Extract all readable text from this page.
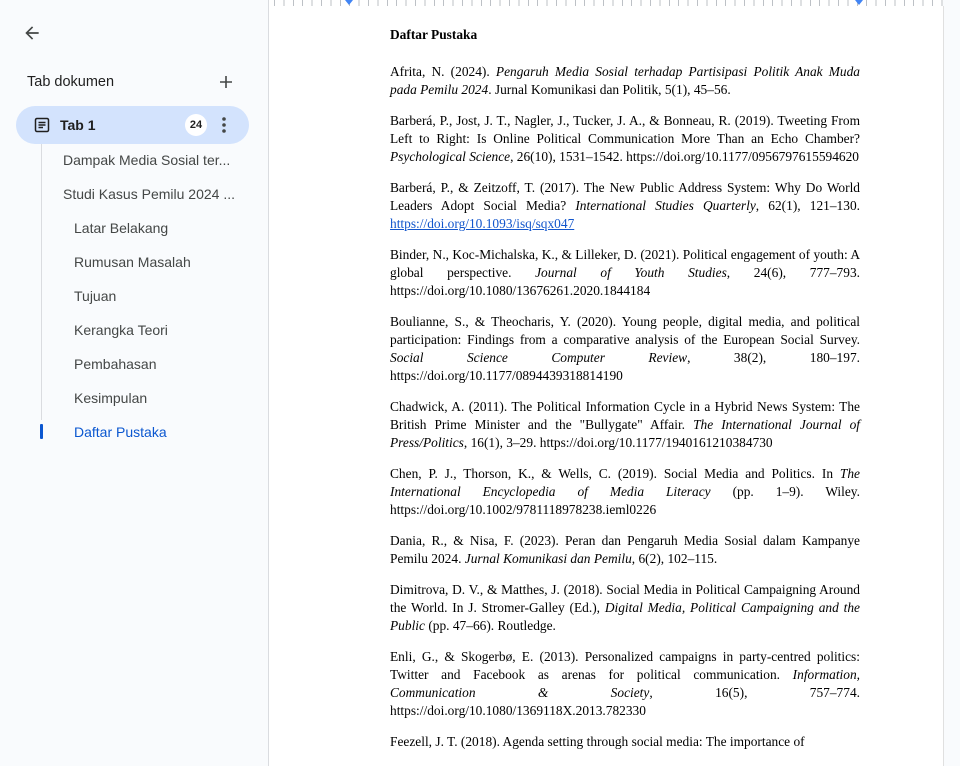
Tab dokumen
Tab 1	24
Dampak Media Sosial ter...
Studi Kasus Pemilu 2024 ...
Latar Belakang
Rumusan Masalah
Tujuan
Kerangka Teori
Pembahasan
Kesimpulan
Daftar Pustaka
Daftar Pustaka

Afrita, N. (2024). Pengaruh Media Sosial terhadap Partisipasi Politik Anak Muda pada Pemilu 2024. Jurnal Komunikasi dan Politik, 5(1), 45–56.

Barberá, P., Jost, J. T., Nagler, J., Tucker, J. A., & Bonneau, R. (2019). Tweeting From Left to Right: Is Online Political Communication More Than an Echo Chamber? Psychological Science, 26(10), 1531–1542. https://doi.org/10.1177/0956797615594620

Barberá, P., & Zeitzoff, T. (2017). The New Public Address System: Why Do World Leaders Adopt Social Media? International Studies Quarterly, 62(1), 121–130. https://doi.org/10.1093/isq/sqx047

Binder, N., Koc-Michalska, K., & Lilleker, D. (2021). Political engagement of youth: A global perspective. Journal of Youth Studies, 24(6), 777–793. https://doi.org/10.1080/13676261.2020.1844184

Boulianne, S., & Theocharis, Y. (2020). Young people, digital media, and political participation: Findings from a comparative analysis of the European Social Survey. Social Science Computer Review, 38(2), 180–197. https://doi.org/10.1177/0894439318814190

Chadwick, A. (2011). The Political Information Cycle in a Hybrid News System: The British Prime Minister and the "Bullygate" Affair. The International Journal of Press/Politics, 16(1), 3–29. https://doi.org/10.1177/1940161210384730

Chen, P. J., Thorson, K., & Wells, C. (2019). Social Media and Politics. In The International Encyclopedia of Media Literacy (pp. 1–9). Wiley. https://doi.org/10.1002/9781118978238.ieml0226

Dania, R., & Nisa, F. (2023). Peran dan Pengaruh Media Sosial dalam Kampanye Pemilu 2024. Jurnal Komunikasi dan Pemilu, 6(2), 102–115.

Dimitrova, D. V., & Matthes, J. (2018). Social Media in Political Campaigning Around the World. In J. Stromer-Galley (Ed.), Digital Media, Political Campaigning and the Public (pp. 47–66). Routledge.

Enli, G., & Skogerbø, E. (2013). Personalized campaigns in party-centred politics: Twitter and Facebook as arenas for political communication. Information, Communication & Society, 16(5), 757–774. https://doi.org/10.1080/1369118X.2013.782330

Feezell, J. T. (2018). Agenda setting through social media: The importance of
